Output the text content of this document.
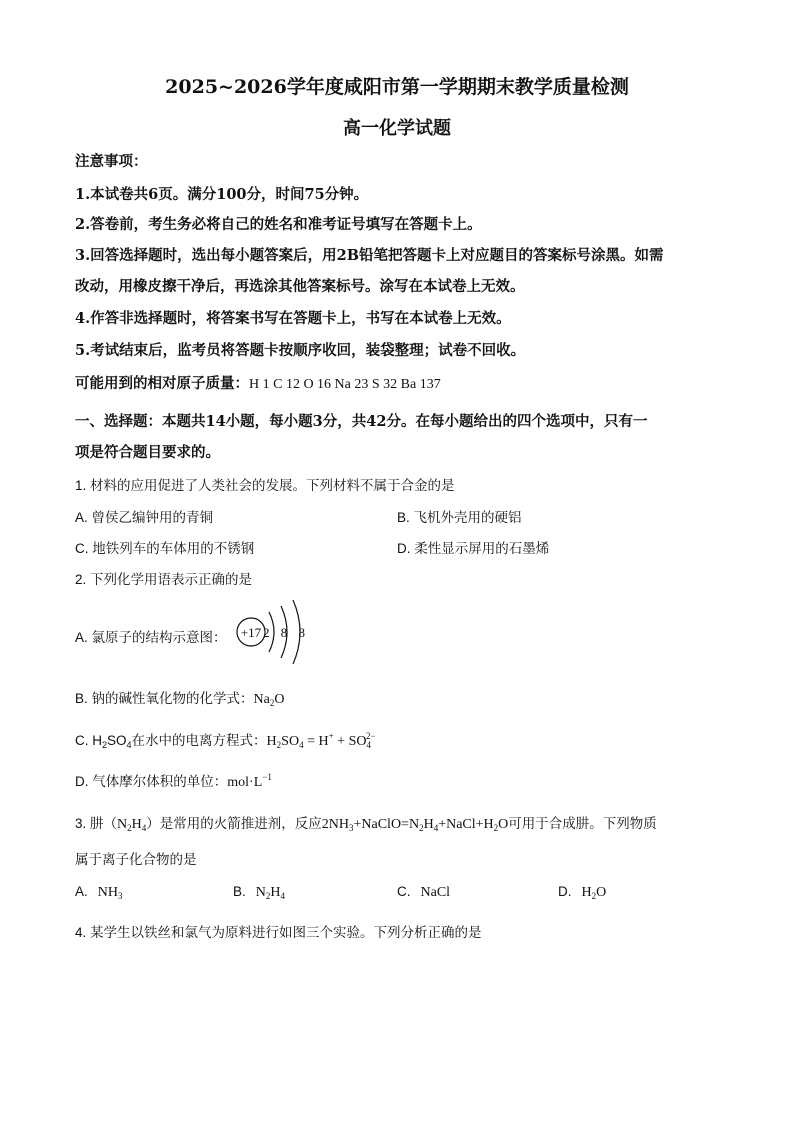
2025~2026学年度咸阳市第一学期期末教学质量检测
高一化学试题
注意事项：
1.本试卷共6页。满分100分，时间75分钟。
2.答卷前，考生务必将自己的姓名和准考证号填写在答题卡上。
3.回答选择题时，选出每小题答案后，用2B铅笔把答题卡上对应题目的答案标号涂黑。如需
改动，用橡皮擦干净后，再选涂其他答案标号。涂写在本试卷上无效。
4.作答非选择题时，将答案书写在答题卡上，书写在本试卷上无效。
5.考试结束后，监考员将答题卡按顺序收回，装袋整理；试卷不回收。
可能用到的相对原子质量：H 1 C 12 O 16 Na 23 S 32 Ba 137
一、选择题：本题共14小题，每小题3分，共42分。在每小题给出的四个选项中，只有一
项是符合题目要求的。
1. 材料的应用促进了人类社会的发展。下列材料不属于合金的是
A. 曾侯乙编钟用的青铜	B. 飞机外壳用的硬铝
C. 地铁列车的车体用的不锈钢	D. 柔性显示屏用的石墨烯
2. 下列化学用语表示正确的是
A. 氯原子的结构示意图： +17 2 8 8
B. 钠的碱性氧化物的化学式：$Na_2O$
C. $H_2SO_4$在水中的电离方程式：$H_2SO_4 = H^+ + SO_4^{2-}$
D. 气体摩尔体积的单位：$mol\cdot L^{-1}$
3. 肼$(N_2H_4)$是常用的火箭推进剂，反应$2NH_3+NaClO=N_2H_4+NaCl+H_2O$可用于合成肼。下列物质
属于离子化合物的是
A. $NH_3$	B. $N_2H_4$	C. NaCl	D. $H_2O$
4. 某学生以铁丝和氯气为原料进行如图三个实验。下列分析正确的是
